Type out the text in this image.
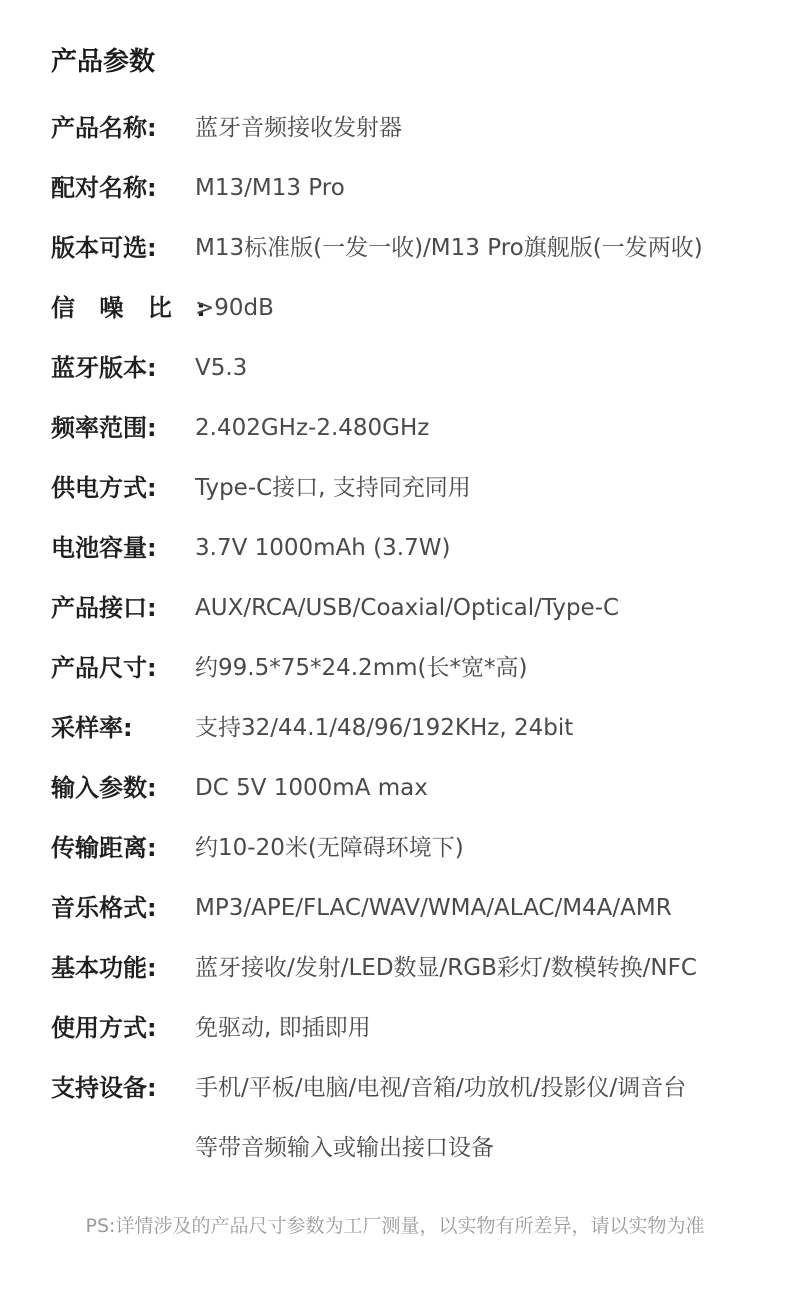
产品参数
产品名称: 蓝牙音频接收发射器
配对名称: M13/M13 Pro
版本可选: M13标准版(一发一收)/M13 Pro旗舰版(一发两收)
信 噪 比 :
>90dB
蓝牙版本: V5.3
频率范围: 2.402GHz-2.480GHz
供电方式: Type-C接口, 支持同充同用
电池容量: 3.7V 1000mAh (3.7W)
产品接口: AUX/RCA/USB/Coaxial/Optical/Type-C
产品尺寸: 约99.5*75*24.2mm(长*宽*高)
采样率:	支持32/44.1/48/96/192KHz, 24bit
输入参数: DC 5V 1000mA max
传输距离: 约10-20米(无障碍环境下)
音乐格式: MP3/APE/FLAC/WAV/WMA/ALAC/M4A/AMR
基本功能: 蓝牙接收/发射/LED数显/RGB彩灯/数模转换/NFC
使用方式: 免驱动, 即插即用
支持设备: 手机/平板/电脑/电视/音箱/功放机/投影仪/调音台
等带音频输入或输出接口设备
PS:详情涉及的产品尺寸参数为工厂测量，以实物有所差异，请以实物为准
